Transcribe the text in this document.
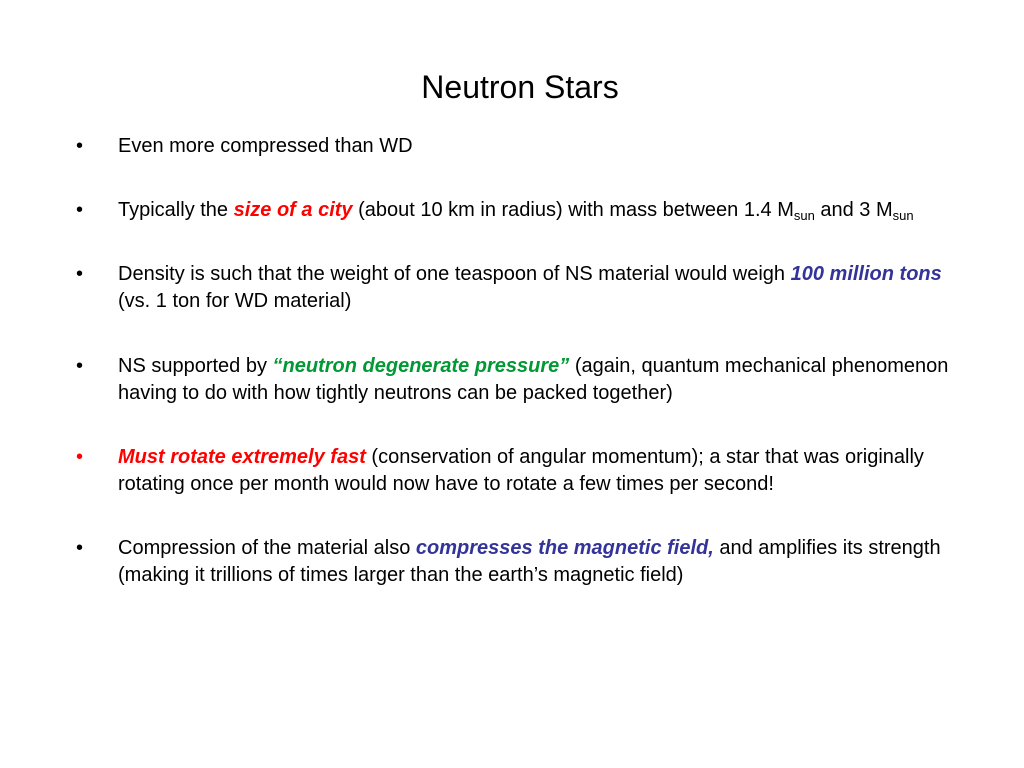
Neutron Stars
•	Even more compressed than WD
•	Typically the size of a city (about 10 km in radius) with mass between 1.4 $M_{sun}$ and 3 $M_{sun}$
•	Density is such that the weight of one teaspoon of NS material would weigh 100 million tons (vs. 1 ton for WD material)
•	NS supported by “neutron degenerate pressure” (again, quantum mechanical phenomenon having to do with how tightly neutrons can be packed together)
•	Must rotate extremely fast (conservation of angular momentum); a star that was originally rotating once per month would now have to rotate a few times per second!
•	Compression of the material also compresses the magnetic field, and amplifies its strength (making it trillions of times larger than the earth’s magnetic field)
